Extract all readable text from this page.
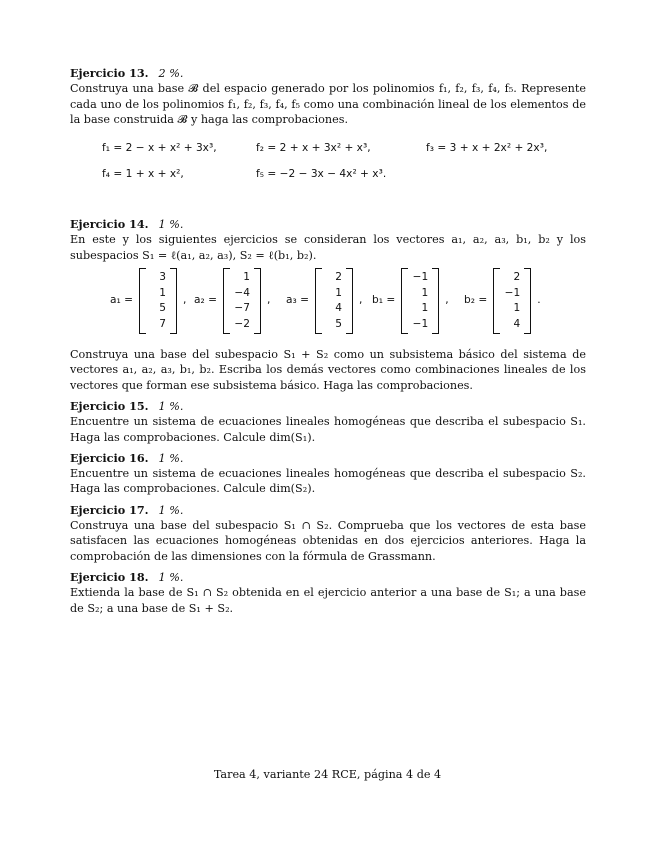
Ejercicio 13. 2 %.

Construya una base 𝓑 del espacio generado por los polinomios f₁, f₂, f₃, f₄, f₅. Represente cada uno de los polinomios f₁, f₂, f₃, f₄, f₅ como una combinación lineal de los elementos de la base construida 𝓑 y haga las comprobaciones.

f₁ = 2 − x + x² + 3x³,	f₂ = 2 + x + 3x² + x³,	f₃ = 3 + x + 2x² + 2x³,
f₄ = 1 + x + x²,	f₅ = −2 − 3x − 4x² + x³.
Ejercicio 14. 1 %.

En este y los siguientes ejercicios se consideran los vectores a₁, a₂, a₃, b₁, b₂ y los subespacios S₁ = ℓ(a₁, a₂, a₃), S₂ = ℓ(b₁, b₂).

a₁ =
3
1
5
7
, a₂ =
1
−4
−7
−2
, a₃ =
2
1
4
5
, b₁ =
−1
1
1
−1
, b₂ =
2
−1
1
4
.

Construya una base del subespacio S₁ + S₂ como un subsistema básico del sistema de vectores a₁, a₂, a₃, b₁, b₂. Escriba los demás vectores como combinaciones lineales de los vectores que forman ese subsistema básico. Haga las comprobaciones.

Ejercicio 15. 1 %.

Encuentre un sistema de ecuaciones lineales homogéneas que describa el subespacio S₁. Haga las comprobaciones. Calcule dim(S₁).

Ejercicio 16. 1 %.

Encuentre un sistema de ecuaciones lineales homogéneas que describa el subespacio S₂. Haga las comprobaciones. Calcule dim(S₂).

Ejercicio 17. 1 %.

Construya una base del subespacio S₁ ∩ S₂. Comprueba que los vectores de esta base satisfacen las ecuaciones homogéneas obtenidas en dos ejercicios anteriores. Haga la comprobación de las dimensiones con la fórmula de Grassmann.

Ejercicio 18. 1 %.

Extienda la base de S₁ ∩ S₂ obtenida en el ejercicio anterior a una base de S₁; a una base de S₂; a una base de S₁ + S₂.

Tarea 4, variante 24 RCE, página 4 de 4
